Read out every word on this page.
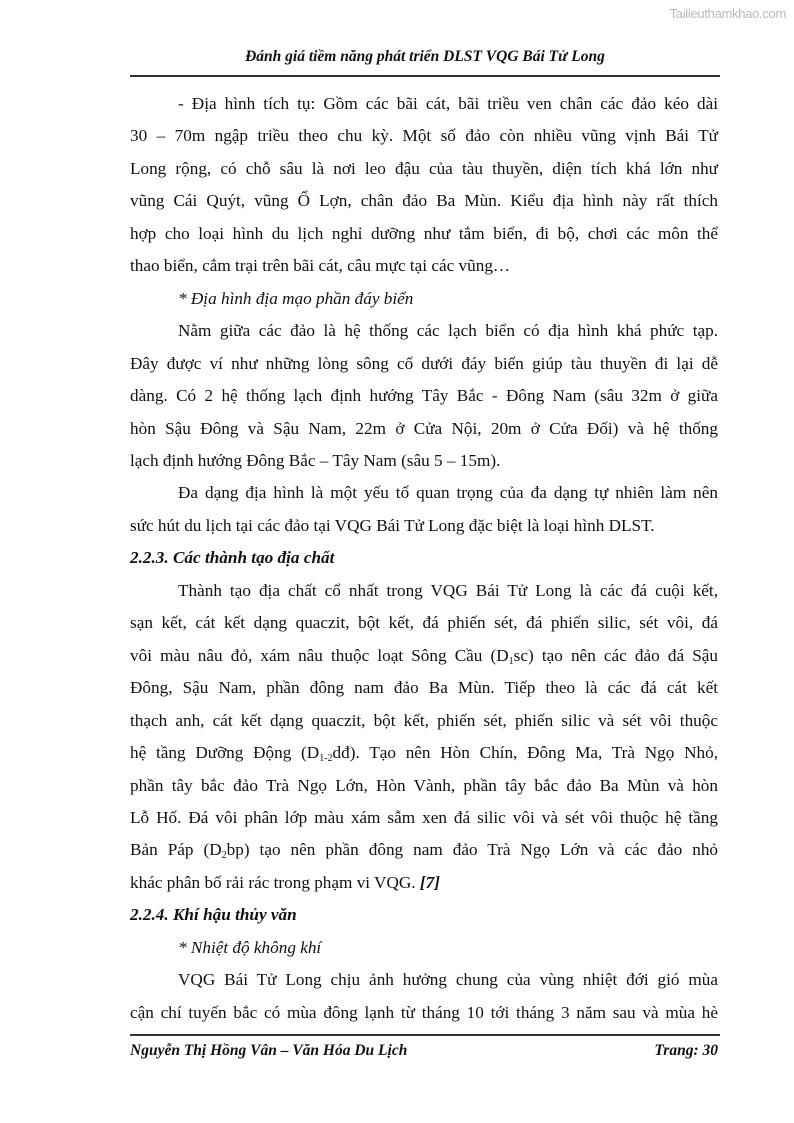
Tailieuthamkhao.com
Đánh giá tiềm năng phát triển DLST VQG Bái Tử Long
- Địa hình tích tụ: Gồm các bãi cát, bãi triều ven chân các đảo kéo dài
30 – 70m ngập triều theo chu kỳ. Một số đảo còn nhiều vũng vịnh Bái Tử
Long rộng, có chỗ sâu là nơi leo đậu của tàu thuyền, diện tích khá lớn như
vũng Cái Quýt, vũng Ổ Lợn, chân đảo Ba Mùn. Kiểu địa hình này rất thích
hợp cho loại hình du lịch nghỉ dưỡng như tắm biển, đi bộ, chơi các môn thể
thao biển, cắm trại trên bãi cát, câu mực tại các vũng…
* Địa hình địa mạo phần đáy biển
Nằm giữa các đảo là hệ thống các lạch biển có địa hình khá phức tạp.
Đây được ví như những lòng sông cổ dưới đáy biển giúp tàu thuyền đi lại dễ
dàng. Có 2 hệ thống lạch định hướng Tây Bắc - Đông Nam (sâu 32m ở giữa
hòn Sậu Đông và Sậu Nam, 22m ở Cửa Nội, 20m ở Cửa Đối) và hệ thống
lạch định hướng Đông Bắc – Tây Nam (sâu 5 – 15m).
Đa dạng địa hình là một yếu tố quan trọng của đa dạng tự nhiên làm nên
sức hút du lịch tại các đảo tại VQG Bái Tử Long đặc biệt là loại hình DLST.
2.2.3. Các thành tạo địa chất
Thành tạo địa chất cổ nhất trong VQG Bái Tử Long là các đá cuội kết,
sạn kết, cát kết dạng quaczit, bột kết, đá phiến sét, đá phiến silic, sét vôi, đá
vôi màu nâu đỏ, xám nâu thuộc loạt Sông Cầu $(D_1sc)$ tạo nên các đảo đá Sậu
Đông, Sậu Nam, phần đông nam đảo Ba Mùn. Tiếp theo là các đá cát kết
thạch anh, cát kết dạng quaczit, bột kết, phiến sét, phiến silic và sét vôi thuộc
hệ tầng Dưỡng Động $(D_{1-2}dđ)$. Tạo nên Hòn Chín, Đông Ma, Trà Ngọ Nhỏ,
phần tây bắc đảo Trà Ngọ Lớn, Hòn Vành, phần tây bắc đảo Ba Mùn và hòn
Lỗ Hố. Đá vôi phân lớp màu xám sẫm xen đá silic vôi và sét vôi thuộc hệ tầng
Bản Páp $(D_2bp)$ tạo nên phần đông nam đảo Trà Ngọ Lớn và các đảo nhỏ
khác phân bố rải rác trong phạm vi VQG. [7]
2.2.4. Khí hậu thủy văn
* Nhiệt độ không khí
VQG Bái Tử Long chịu ảnh hưởng chung của vùng nhiệt đới gió mùa
cận chí tuyến bắc có mùa đông lạnh từ tháng 10 tới tháng 3 năm sau và mùa hè
Nguyễn Thị Hồng Vân – Văn Hóa Du Lịch	Trang: 30
